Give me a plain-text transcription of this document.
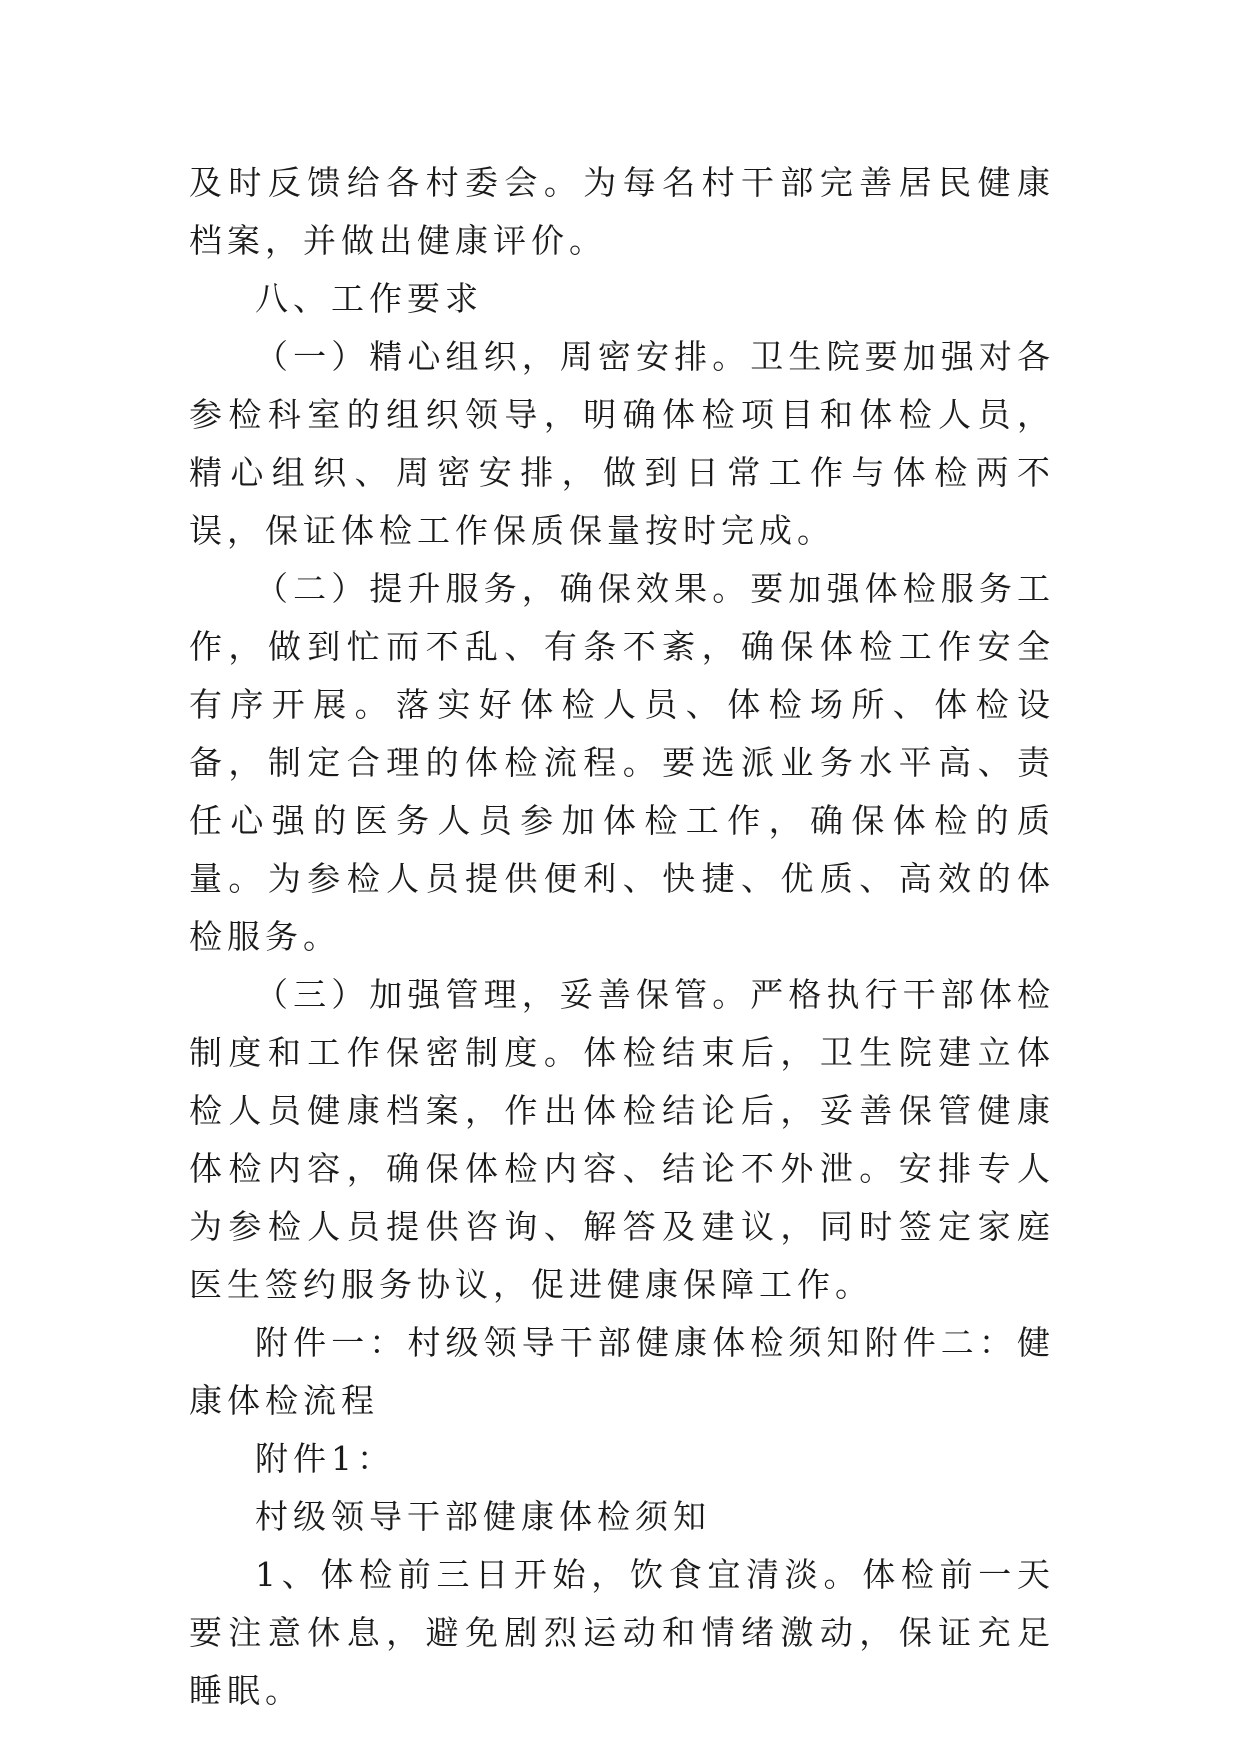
及时反馈给各村委会。为每名村干部完善居民健康档案，并做出健康评价。

八、工作要求

（一）精心组织，周密安排。卫生院要加强对各参检科室的组织领导，明确体检项目和体检人员，精心组织、周密安排，做到日常工作与体检两不误，保证体检工作保质保量按时完成。

（二）提升服务，确保效果。要加强体检服务工作，做到忙而不乱、有条不紊，确保体检工作安全有序开展。落实好体检人员、体检场所、体检设备，制定合理的体检流程。要选派业务水平高、责任心强的医务人员参加体检工作，确保体检的质量。为参检人员提供便利、快捷、优质、高效的体检服务。

（三）加强管理，妥善保管。严格执行干部体检制度和工作保密制度。体检结束后，卫生院建立体检人员健康档案，作出体检结论后，妥善保管健康体检内容，确保体检内容、结论不外泄。安排专人为参检人员提供咨询、解答及建议，同时签定家庭医生签约服务协议，促进健康保障工作。

附件一：村级领导干部健康体检须知附件二：健康体检流程

附件1：

村级领导干部健康体检须知

1、体检前三日开始，饮食宜清淡。体检前一天要注意休息，避免剧烈运动和情绪激动，保证充足睡眠。
